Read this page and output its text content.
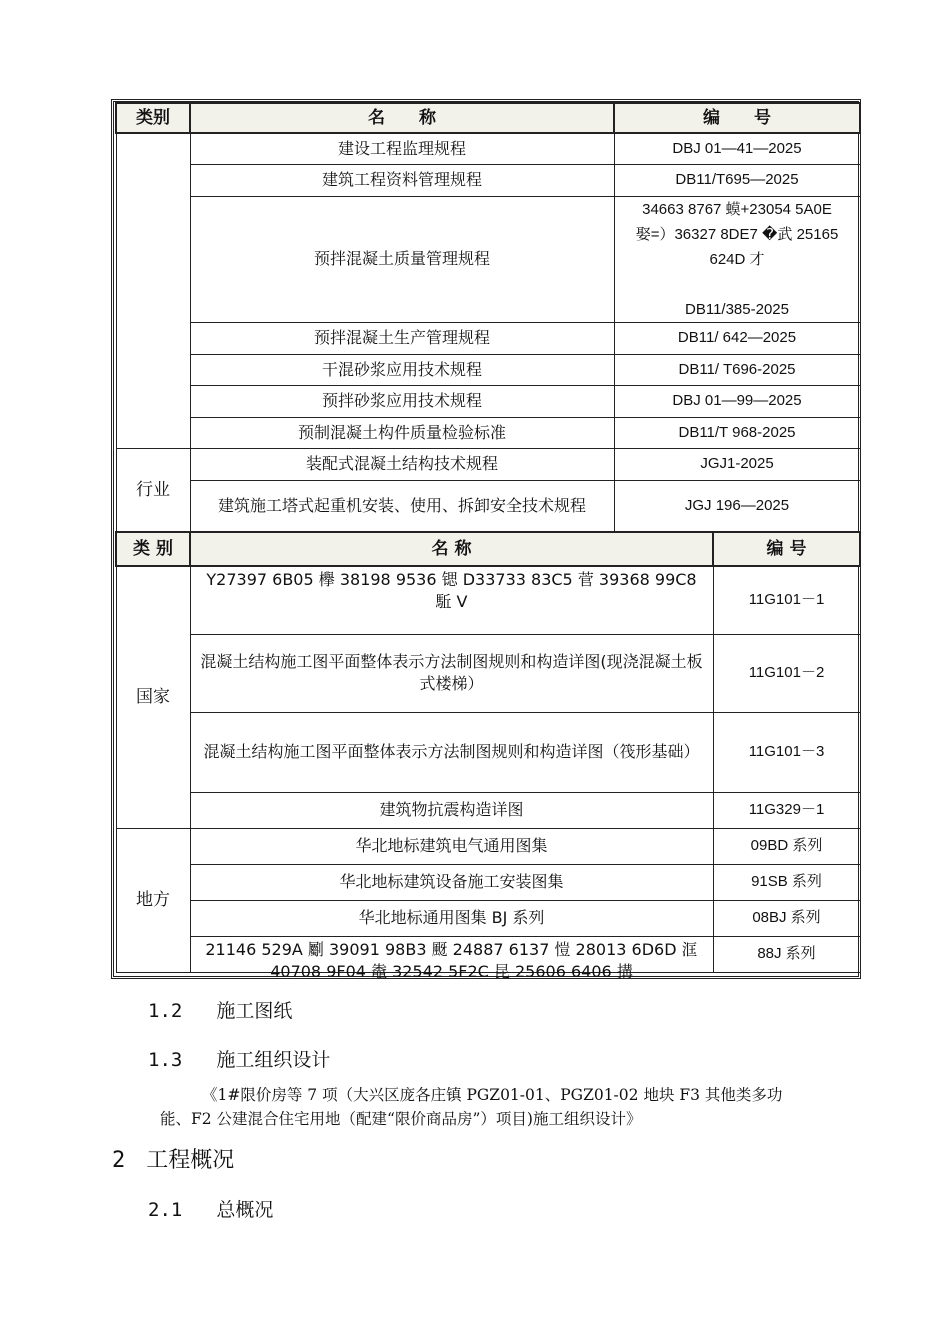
类别	名　　称	编　　号
	建设工程监理规程	DBJ 01—41—2025
	建筑工程资料管理规程	DB11/T695—2025
	预拌混凝土质量管理规程	34663 8767 蟆+23054 5A0E
娶=）36327 8DE7 �武 25165
624D 才
DB11/385-2025

	预拌混凝土生产管理规程	DB11/ 642—2025
	干混砂浆应用技术规程	DB11/ T696-2025
	预拌砂浆应用技术规程	DBJ 01—99—2025
	预制混凝土构件质量检验标准	DB11/T 968-2025
行业	装配式混凝土结构技术规程	JGJ1-2025
	建筑施工塔式起重机安装、使用、拆卸安全技术规程	JGJ 196—2025
类 别	名 称	编 号
国家	Y27397 6B05 欅 38198 9536 锶 D33733 83C5 菅 39368 99C8 駈 V	11G101－1
	混凝土结构施工图平面整体表示方法制图规则和构造详图(现浇混凝土板式楼梯）	11G101－2
	混凝土结构施工图平面整体表示方法制图规则和构造详图（筏形基础）	11G101－3
	建筑物抗震构造详图	11G329－1
地方	华北地标建筑电气通用图集	09BD 系列
	华北地标建筑设备施工安装图集	91SB 系列
	华北地标通用图集 BJ 系列	08BJ 系列

	21146 529A 劚 39091 98B3 颬 24887 6137 愷 28013 6D6D 洭 40708 9F04 鼄 32542 5F2C 昆 25606 6406 搆	88J 系列
1.2 施工图纸
1.3 施工组织设计
《1#限价房等 7 项（大兴区庞各庄镇 PGZ01-01、PGZ01-02 地块 F3 其他类多功
能、F2 公建混合住宅用地（配建“限价商品房”）项目)施工组织设计》
2 工程概况
2.1 总概况
